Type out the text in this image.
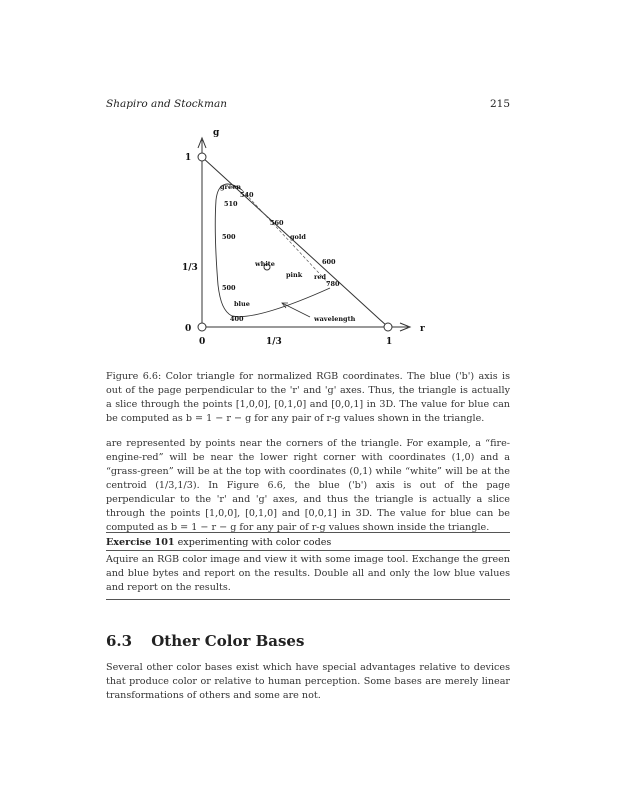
Shapiro and Stockman	215
g
r
1
1/3
0
0	1/3	1
green
540
510
560
500	gold
white	600
pink red
780
500
blue
400	wavelength
Figure 6.6: Color triangle for normalized RGB coordinates. The blue ('b') axis is out of the page perpendicular to the 'r' and 'g' axes. Thus, the triangle is actually a slice through the points [1,0,0], [0,1,0] and [0,0,1] in 3D. The value for blue can be computed as b = 1 − r − g for any pair of r-g values shown in the triangle.
are represented by points near the corners of the triangle. For example, a “fire-engine-red” will be near the lower right corner with coordinates (1,0) and a “grass-green” will be at the top with coordinates (0,1) while “white” will be at the centroid (1/3,1/3). In Figure 6.6, the blue ('b') axis is out of the page perpendicular to the 'r' and 'g' axes, and thus the triangle is actually a slice through the points [1,0,0], [0,1,0] and [0,0,1] in 3D. The value for blue can be computed as b = 1 − r − g for any pair of r-g values shown inside the triangle.
Exercise 101 experimenting with color codes
Aquire an RGB color image and view it with some image tool. Exchange the green and blue bytes and report on the results. Double all and only the low blue values and report on the results.
6.3 Other Color Bases
Several other color bases exist which have special advantages relative to devices that produce color or relative to human perception. Some bases are merely linear transformations of others and some are not.
